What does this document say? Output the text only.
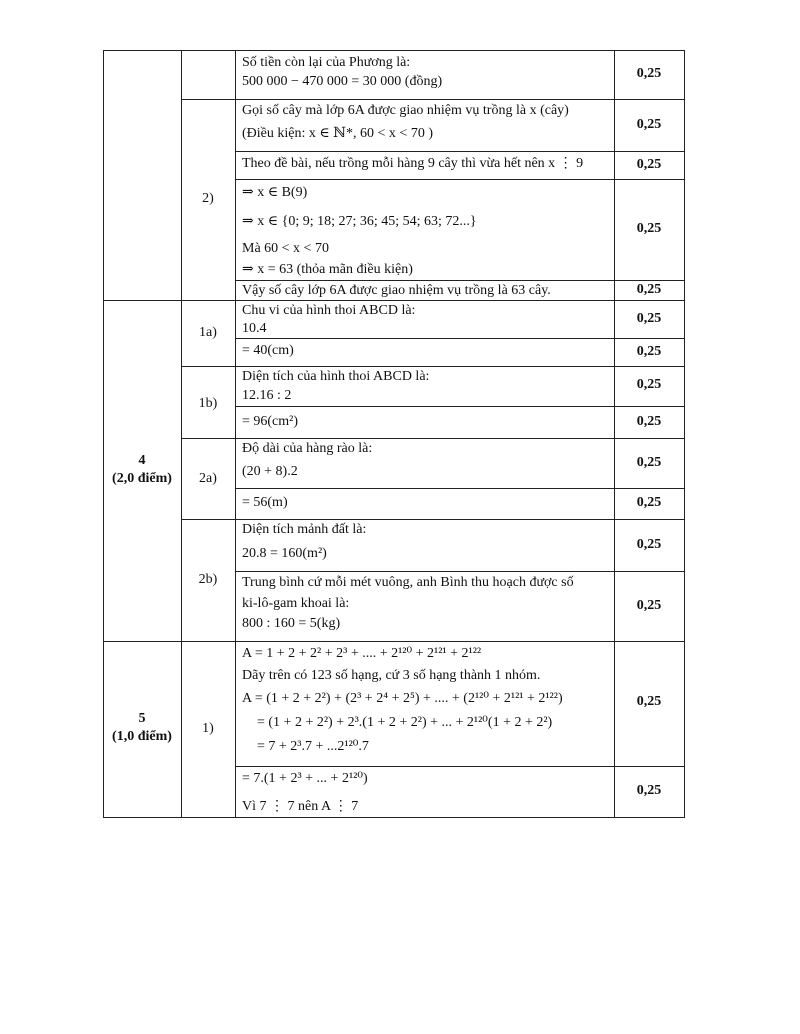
4
(2,0 điểm)
5
(1,0 điểm)
2)
1a)
1b)
2a)
2b)
1)
Số tiền còn lại của Phương là:
500 000 − 470 000 = 30 000 (đồng)
Gọi số cây mà lớp 6A được giao nhiệm vụ trồng là x (cây)
(Điều kiện: x ∈ ℕ*, 60 < x < 70 )
Theo đề bài, nếu trồng mỗi hàng 9 cây thì vừa hết nên x ⋮ 9
⇒ x ∈ B(9)
⇒ x ∈ {0; 9; 18; 27; 36; 45; 54; 63; 72...}
Mà 60 < x < 70
⇒ x = 63 (thỏa mãn điều kiện)
Vậy số cây lớp 6A được giao nhiệm vụ trồng là 63 cây.
Chu vi của hình thoi ABCD là:
10.4
= 40(cm)
Diện tích của hình thoi ABCD là:
12.16 : 2
= 96(cm²)
Độ dài của hàng rào là:
(20 + 8).2
= 56(m)
Diện tích mảnh đất là:
20.8 = 160(m²)
Trung bình cứ mỗi mét vuông, anh Bình thu hoạch được số
ki-lô-gam khoai là:
800 : 160 = 5(kg)
A = 1 + 2 + 2² + 2³ + .... + 2¹²⁰ + 2¹²¹ + 2¹²²
Dãy trên có 123 số hạng, cứ 3 số hạng thành 1 nhóm.
A = (1 + 2 + 2²) + (2³ + 2⁴ + 2⁵) + .... + (2¹²⁰ + 2¹²¹ + 2¹²²)
= (1 + 2 + 2²) + 2³.(1 + 2 + 2²) + ... + 2¹²⁰(1 + 2 + 2²)
= 7 + 2³.7 + ...2¹²⁰.7
= 7.(1 + 2³ + ... + 2¹²⁰)
Vì 7 ⋮ 7 nên A ⋮ 7
0,25
0,25
0,25
0,25
0,25
0,25
0,25
0,25
0,25
0,25
0,25
0,25
0,25
0,25
0,25
